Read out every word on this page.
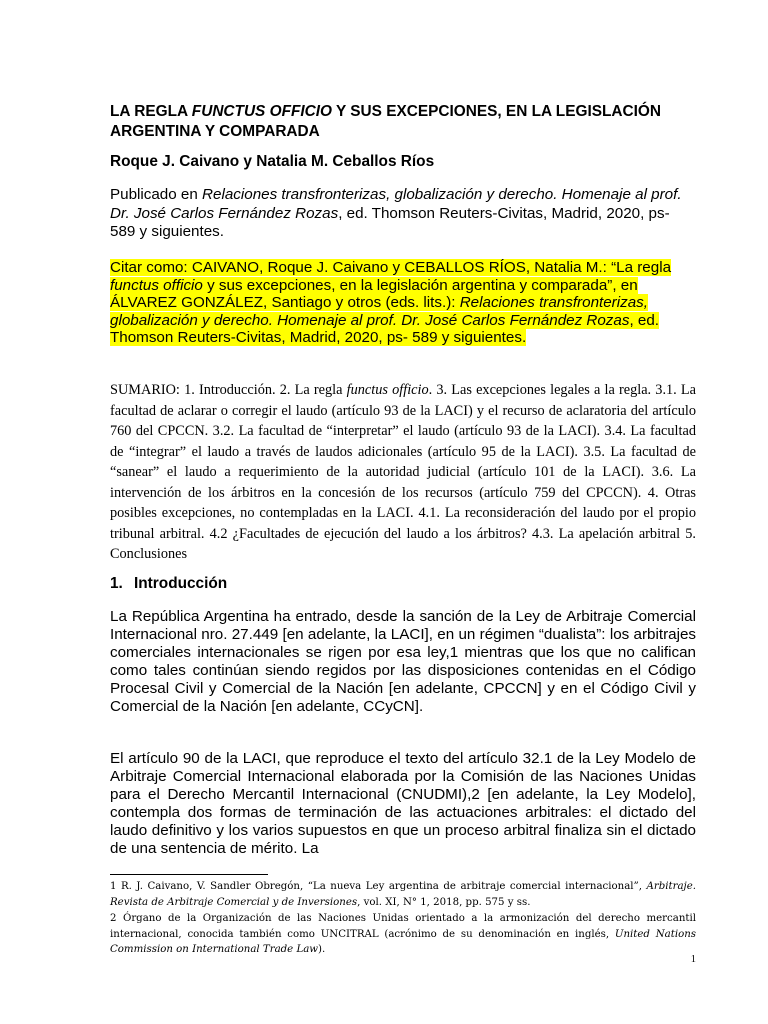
LA REGLA FUNCTUS OFFICIO Y SUS EXCEPCIONES, EN LA LEGISLACIÓN ARGENTINA Y COMPARADA

Roque J. Caivano y Natalia M. Ceballos Ríos

Publicado en Relaciones transfronterizas, globalización y derecho. Homenaje al prof. Dr. José Carlos Fernández Rozas, ed. Thomson Reuters-Civitas, Madrid, 2020, ps- 589 y siguientes.

Citar como: CAIVANO, Roque J. Caivano y CEBALLOS RÍOS, Natalia M.: “La regla functus officio y sus excepciones, en la legislación argentina y comparada”, en ÁLVAREZ GONZÁLEZ, Santiago y otros (eds. lits.): Relaciones transfronterizas, globalización y derecho. Homenaje al prof. Dr. José Carlos Fernández Rozas, ed. Thomson Reuters-Civitas, Madrid, 2020, ps- 589 y siguientes.

SUMARIO: 1. Introducción. 2. La regla functus officio. 3. Las excepciones legales a la regla. 3.1. La facultad de aclarar o corregir el laudo (artículo 93 de la LACI) y el recurso de aclaratoria del artículo 760 del CPCCN. 3.2. La facultad de “interpretar” el laudo (artículo 93 de la LACI). 3.4. La facultad de “integrar” el laudo a través de laudos adicionales (artículo 95 de la LACI). 3.5. La facultad de “sanear” el laudo a requerimiento de la autoridad judicial (artículo 101 de la LACI). 3.6. La intervención de los árbitros en la concesión de los recursos (artículo 759 del CPCCN). 4. Otras posibles excepciones, no contempladas en la LACI. 4.1. La reconsideración del laudo por el propio tribunal arbitral. 4.2 ¿Facultades de ejecución del laudo a los árbitros? 4.3. La apelación arbitral 5. Conclusiones

1. Introducción

La República Argentina ha entrado, desde la sanción de la Ley de Arbitraje Comercial Internacional nro. 27.449 [en adelante, la LACI], en un régimen “dualista”: los arbitrajes comerciales internacionales se rigen por esa ley,1 mientras que los que no califican como tales continúan siendo regidos por las disposiciones contenidas en el Código Procesal Civil y Comercial de la Nación [en adelante, CPCCN] y en el Código Civil y Comercial de la Nación [en adelante, CCyCN].

El artículo 90 de la LACI, que reproduce el texto del artículo 32.1 de la Ley Modelo de Arbitraje Comercial Internacional elaborada por la Comisión de las Naciones Unidas para el Derecho Mercantil Internacional (CNUDMI),2 [en adelante, la Ley Modelo], contempla dos formas de terminación de las actuaciones arbitrales: el dictado del laudo definitivo y los varios supuestos en que un proceso arbitral finaliza sin el dictado de una sentencia de mérito. La

1 R. J. Caivano, V. Sandler Obregón, “La nueva Ley argentina de arbitraje comercial internacional”, Arbitraje. Revista de Arbitraje Comercial y de Inversiones, vol. XI, N° 1, 2018, pp. 575 y ss.

2 Órgano de la Organización de las Naciones Unidas orientado a la armonización del derecho mercantil internacional, conocida también como UNCITRAL (acrónimo de su denominación en inglés, United Nations Commission on International Trade Law).

1
